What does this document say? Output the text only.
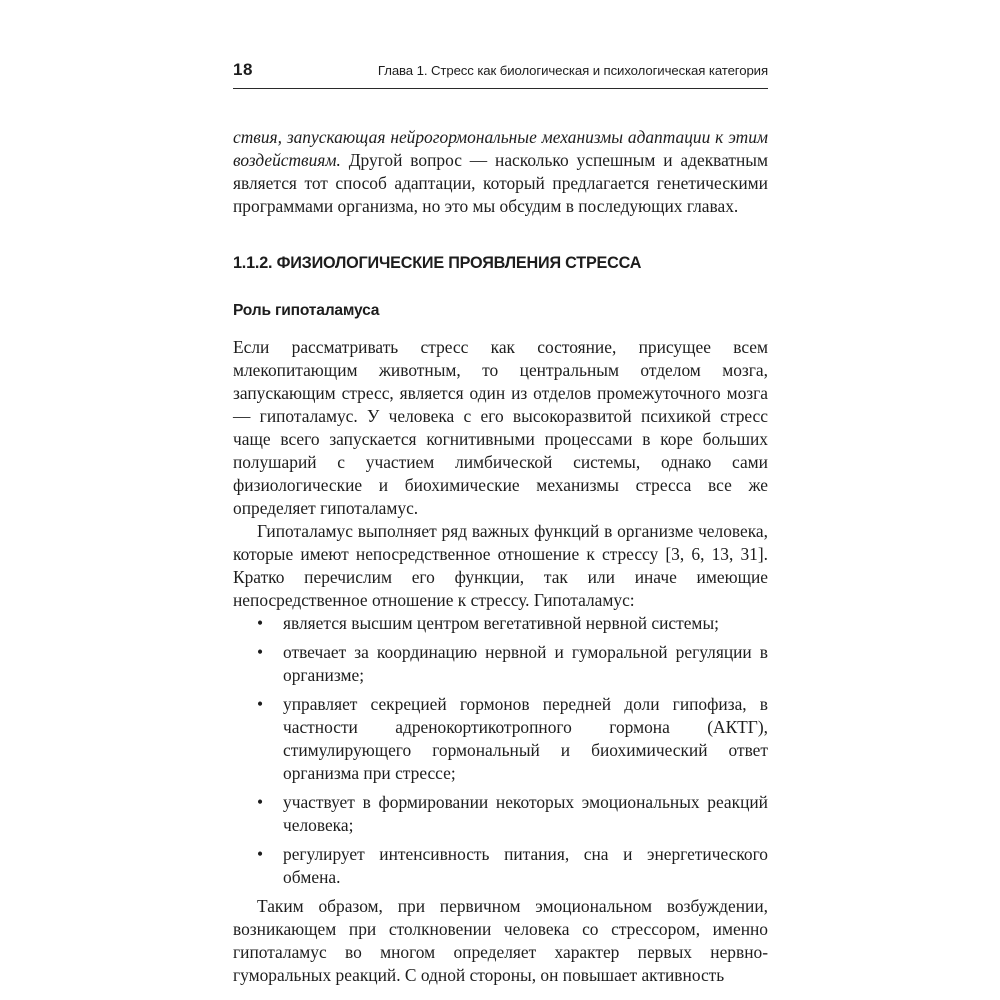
18	Глава 1. Стресс как биологическая и психологическая категория

ствия, запускающая нейрогормональные механизмы адаптации к этим воздействиям. Другой вопрос — насколько успешным и адекватным является тот способ адаптации, который предлагается генетическими программами организма, но это мы обсудим в последующих главах.

1.1.2. ФИЗИОЛОГИЧЕСКИЕ ПРОЯВЛЕНИЯ СТРЕССА
Роль гипоталамуса

Если рассматривать стресс как состояние, присущее всем млекопитающим животным, то центральным отделом мозга, запускающим стресс, является один из отделов промежуточного мозга — гипоталамус. У человека с его высокоразвитой психикой стресс чаще всего запускается когнитивными процессами в коре больших полушарий с участием лимбической системы, однако сами физиологические и биохимические механизмы стресса все же определяет гипоталамус.

Гипоталамус выполняет ряд важных функций в организме человека, которые имеют непосредственное отношение к стрессу [3, 6, 13, 31]. Кратко перечислим его функции, так или иначе имеющие непосредственное отношение к стрессу. Гипоталамус:

• является высшим центром вегетативной нервной системы;
• отвечает за координацию нервной и гуморальной регуляции в организме;
• управляет секрецией гормонов передней доли гипофиза, в частности адренокортикотропного гормона (АКТГ), стимулирующего гормональный и биохимический ответ организма при стрессе;
• участвует в формировании некоторых эмоциональных реакций человека;
• регулирует интенсивность питания, сна и энергетического обмена.

Таким образом, при первичном эмоциональном возбуждении, возникающем при столкновении человека со стрессором, именно гипоталамус во многом определяет характер первых нервно-гуморальных реакций. С одной стороны, он повышает активность
